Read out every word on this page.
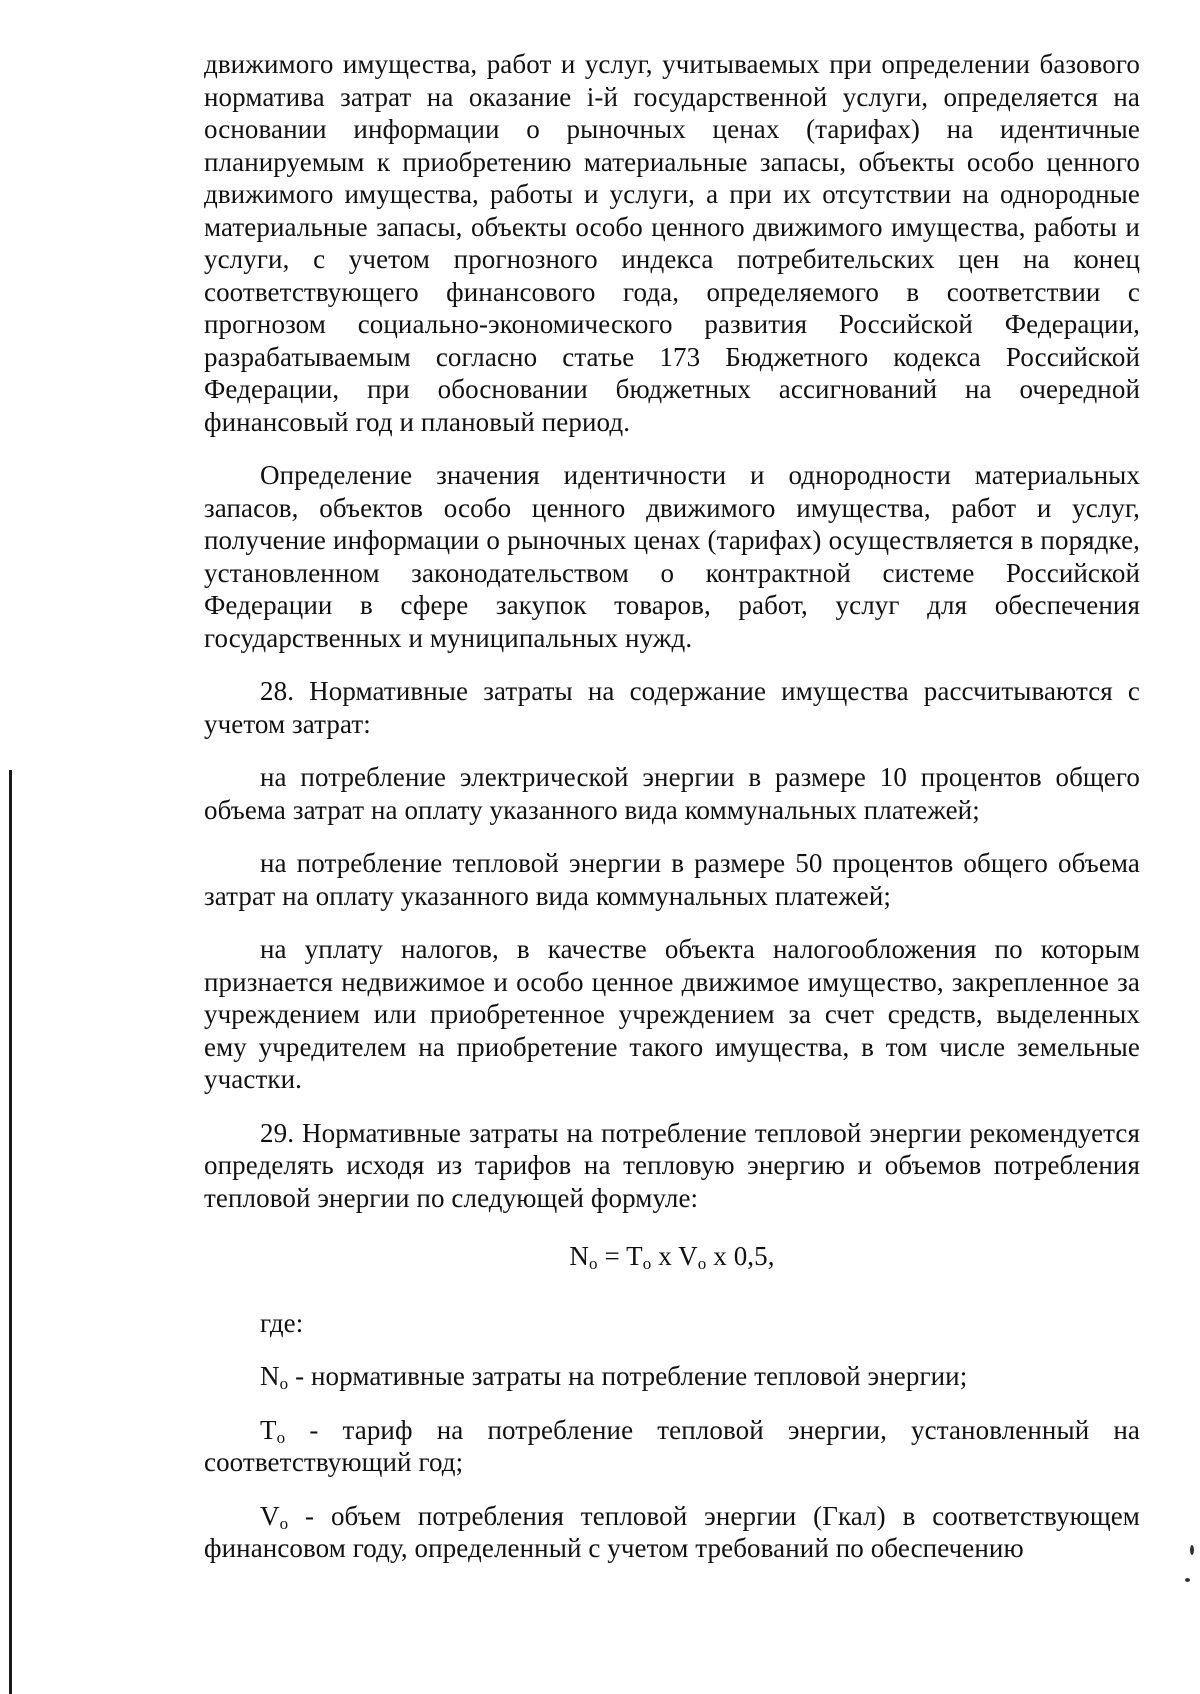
движимого имущества, работ и услуг, учитываемых при определении базового норматива затрат на оказание i-й государственной услуги, определяется на основании информации о рыночных ценах (тарифах) на идентичные планируемым к приобретению материальные запасы, объекты особо ценного движимого имущества, работы и услуги, а при их отсутствии на однородные материальные запасы, объекты особо ценного движимого имущества, работы и услуги, с учетом прогнозного индекса потребительских цен на конец соответствующего финансового года, определяемого в соответствии с прогнозом социально-экономического развития Российской Федерации, разрабатываемым согласно статье 173 Бюджетного кодекса Российской Федерации, при обосновании бюджетных ассигнований на очередной финансовый год и плановый период.

Определение значения идентичности и однородности материальных запасов, объектов особо ценного движимого имущества, работ и услуг, получение информации о рыночных ценах (тарифах) осуществляется в порядке, установленном законодательством о контрактной системе Российской Федерации в сфере закупок товаров, работ, услуг для обеспечения государственных и муниципальных нужд.

28. Нормативные затраты на содержание имущества рассчитываются с учетом затрат:

на потребление электрической энергии в размере 10 процентов общего объема затрат на оплату указанного вида коммунальных платежей;

на потребление тепловой энергии в размере 50 процентов общего объема затрат на оплату указанного вида коммунальных платежей;

на уплату налогов, в качестве объекта налогообложения по которым признается недвижимое и особо ценное движимое имущество, закрепленное за учреждением или приобретенное учреждением за счет средств, выделенных ему учредителем на приобретение такого имущества, в том числе земельные участки.

29. Нормативные затраты на потребление тепловой энергии рекомендуется определять исходя из тарифов на тепловую энергию и объемов потребления тепловой энергии по следующей формуле:

$N_o = T_o$ x $V_o$ x 0,5,

где:

$N_o$ - нормативные затраты на потребление тепловой энергии;

$T_o$ - тариф на потребление тепловой энергии, установленный на соответствующий год;

$V_o$ - объем потребления тепловой энергии (Гкал) в соответствующем финансовом году, определенный с учетом требований по обеспечению
